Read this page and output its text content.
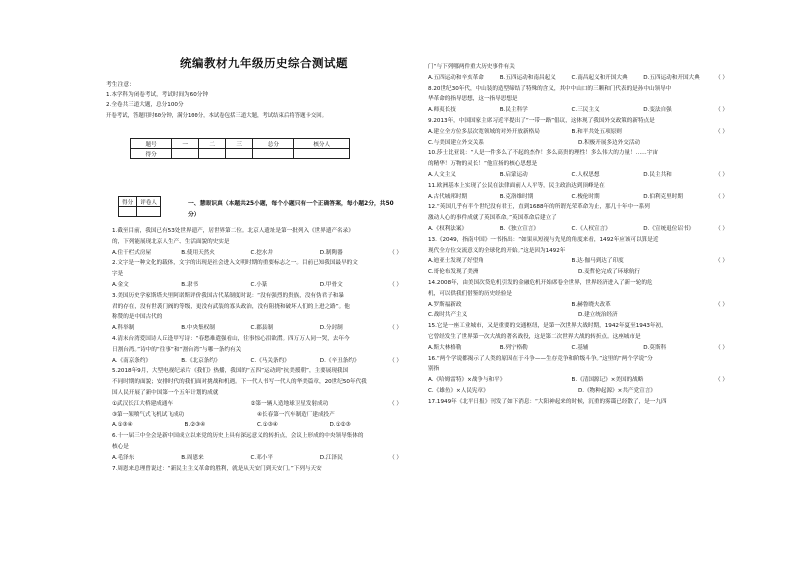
统编教材九年级历史综合测试题
考生注意：
1.本学科为闭卷考试，考试时间为60分钟
2.全卷共三道大题，总分100分
开卷考试，答题用时60分钟，满分100分，本试卷包括三道大题，考试结束后将答题卡交回。
题号	一	二	三	总分	核分人
得分					
得分	评卷人
		一、慧眼识真（本题共25小题，每个小题只有一个正确答案，每小题2分，共50
分）
1.截至目前，我国已有53处世界遗产，居世界第二位。北京人遗址是第一批列入《世界遗产名录》
的，下列能展现北京人生产、生活面貌的史实是
A.住干栏式房屋	B.使用天然火	C.挖水井	D.制陶器	（ ）
2.文字是一种文化的载体，文字的出现是社会进入文明时期的重要标志之一。目前已知我国最早的文
字是
A.金文	B.隶书	C.小篆	D.甲骨文	（ ）
3.美国历史学家斯塔夫里阿诺斯评价我国古代某制度时说：“没有强烈的贵族，没有伪君子和暴
君的存在，没有世袭门阀的等级，更没有武装的寡头政治，没有阻挠和破坏人们的上进之路”。他
称赞的是中国古代的
A.科举制	B.中央集权制	C.郡县制	D.分封制	（ ）
4.清末台湾爱国诗人丘逢甲写诗：“春愁难遣强看山，往事惊心泪欲潸。四万万人同一哭，去年今
日割台湾。”诗中的“往事”和“割台湾”与哪一条约有关
A.《南京条约》	B.《北京条约》	C.《马关条约》	D.《辛丑条约》	（ ）
5.2018年9月，大型电视纪录片《我们》热播，我国的“五四”运动到“抗美援朝”，主要展现我国
不同时期的面貌；安排时代的我们面对挑战和机遇。下一代人书写一代人的华美篇章，20世纪50年代我
国人民开展了新中国第一个五年计划的成就
①武汉长江大桥建成通车	②第一辆人造地球卫星发射成功	（ ）
③第一架喷气式飞机试飞成功	④长春第一汽车制造厂建成投产
A.①③④	B.②③④	C.①③④	D.①②③
6.十一届三中全会是新中国成立以来党的历史上具有深远意义的转折点，会议上形成的中央领导集体的
核心是
A.毛泽东	B.周恩来	C.邓小平	D.江泽民	（ ）
7.周恩来总理曾说过：“新民主主义革命的胜利，就是从天安门到天安门。”下列与天安
门“与下列哪两件重大历史事件有关
A.五四运动和辛亥革命	B.五四运动和南昌起义	C.南昌起义和开国大典	D.五四运动和开国大典	（ ）
8.20世纪30年代，中山装的造型缔结了特殊的含义，其中中山口的三颗和门代表的是孙中山领导中
华革命的指导思想，这一指导思想是
A.师夷长技	B.民主科学	C.三民主义	D.变法自强	（ ）
9.2013年，中国国家主席习近平提出了“一带一路”倡议，这体现了我国外交政策的新特点是
A.建立全方位多层次宽领域的对外开放新格局	B.和平共处五项原则	（ ）
C.与美国建立外交关系	D.积极开展多边外交活动
10.莎士比亚说：“人是一件多么了不起的杰作！多么高贵的理性！多么伟大的力量！……宇宙
的精华！万物的灵长！”他宣扬的核心思想是
A.人文主义	B.启蒙运动	C.人权思想	D.民主共和	（ ）
11.欧洲基本上实现了公民在法律面前人人平等，民主政治达到顶峰是在
A.古代城邦时期	B.克洛维时期	C.梭伦时期	D.伯利克里时期	（ ）
12.“英国几乎有半个世纪没有君王，直到1688年的所谓光荣革命为止，那几十年中一系列
激动人心的事件成就了英国革命。”英国革命后建立了
A.《权利法案》	B.《独立宣言》	C.《人权宣言》	D.《宣统退位诏书》	（ ）
13.《2049，指南中国》一书指出：“如果从短视与先见的角度来看，1492年应该可以算是近
现代全方位交流意义的全球化的开始。”这是因为1492年
A.迪亚士发现了好望角	B.达·伽马到达了印度	（ ）
C.哥伦布发现了美洲	D.麦哲伦完成了环球航行
14.2008年，由美国次贷危机引发的金融危机开始席卷全世界，世界经济进入了新一轮的危
机，可以供我们借鉴的历史经验是
A.罗斯福新政	B.赫鲁晓夫改革	（ ）
C.战时共产主义	D.建立统治经济
15.它是一座工业城市，又是重要的交通枢纽，是第一次世界大战时期，1942年夏至1943年初，
它曾经发生了世界第一次大战的著名战役，这是第二次世界大战的转折点。这座城市是
A.斯大林格勒	B.列宁格勒	C.基辅	D.莫斯科	（ ）
16.“两个学说都揭示了人类的原因在于斗争——生存竞争和阶级斗争。”这里的“两个学说”分
别指
A.《哈姆雷特》×战争与和平》	B.《清国源记》×美国的战略	（ ）
C.《雄鱼》×人民宪章》	D.《物种起源》×共产党宣言》
17.1949年《北平日报》刊发了如下消息：“大阳神起来的时候，沉重的雾霭已经散了，是一九四
